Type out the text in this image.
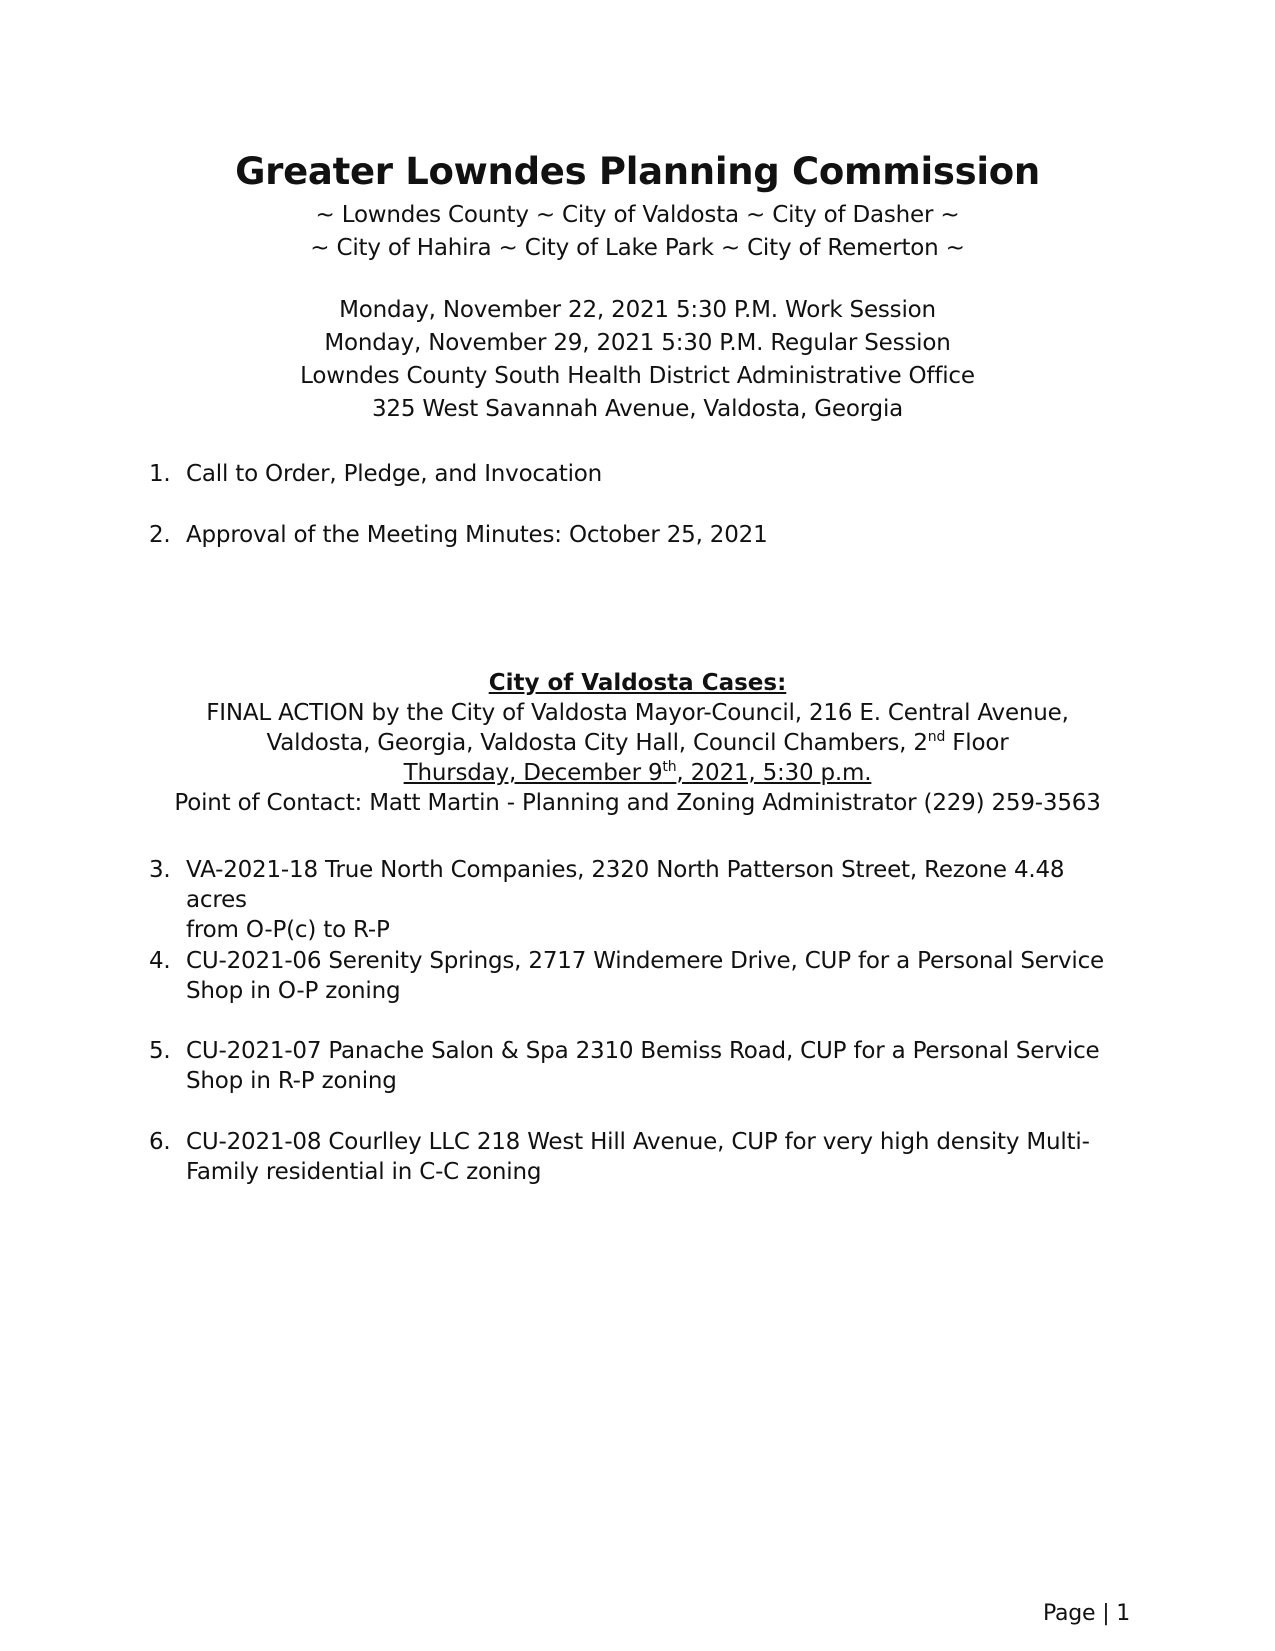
Greater Lowndes Planning Commission
~ Lowndes County ~ City of Valdosta ~ City of Dasher ~
~ City of Hahira ~ City of Lake Park ~ City of Remerton ~
Monday, November 22, 2021 5:30 P.M. Work Session
Monday, November 29, 2021 5:30 P.M. Regular Session
Lowndes County South Health District Administrative Office
325 West Savannah Avenue, Valdosta, Georgia
1. Call to Order, Pledge, and Invocation
2. Approval of the Meeting Minutes: October 25, 2021
City of Valdosta Cases:
FINAL ACTION by the City of Valdosta Mayor-Council, 216 E. Central Avenue,
Valdosta, Georgia, Valdosta City Hall, Council Chambers, 2nd Floor
Thursday, December 9th, 2021, 5:30 p.m.
Point of Contact: Matt Martin - Planning and Zoning Administrator (229) 259-3563
3. VA-2021-18 True North Companies, 2320 North Patterson Street, Rezone 4.48 acres
from O-P(c) to R-P
4. CU-2021-06 Serenity Springs, 2717 Windemere Drive, CUP for a Personal Service
Shop in O-P zoning
5. CU-2021-07 Panache Salon & Spa 2310 Bemiss Road, CUP for a Personal Service
Shop in R-P zoning
6. CU-2021-08 Courlley LLC 218 West Hill Avenue, CUP for very high density Multi-
Family residential in C-C zoning
Page | 1
